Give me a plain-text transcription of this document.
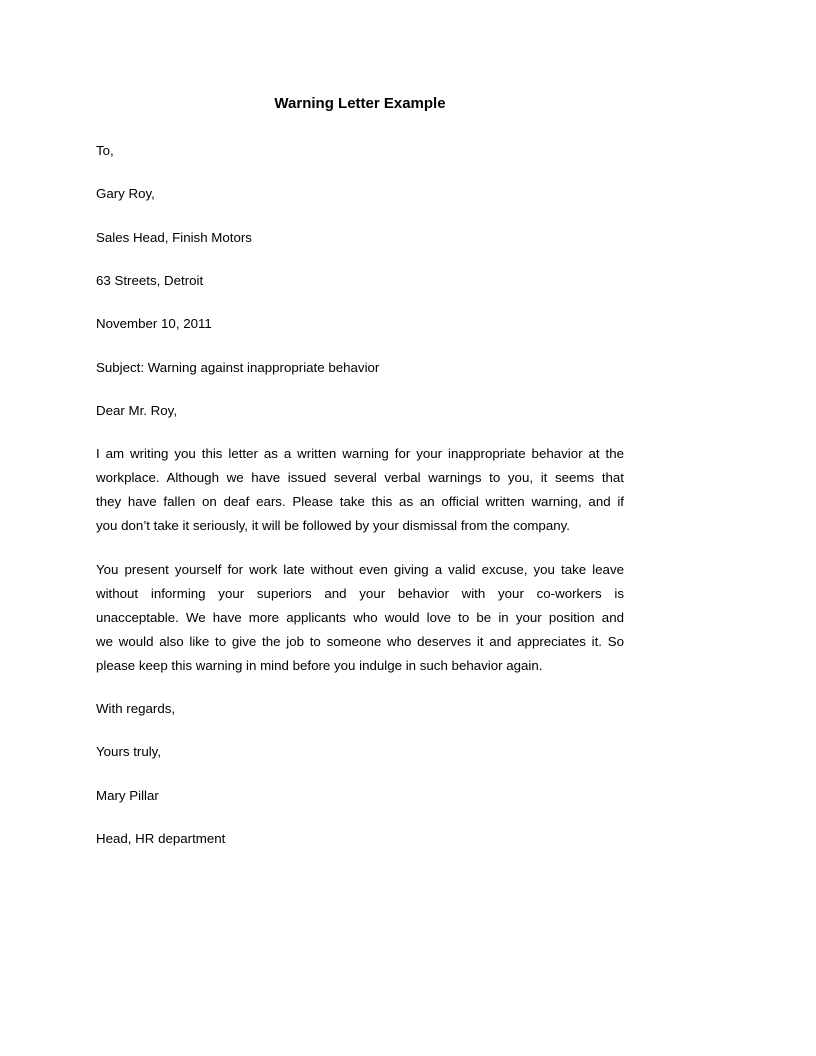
Warning Letter Example

To,

Gary Roy,

Sales Head, Finish Motors

63 Streets, Detroit

November 10, 2011

Subject: Warning against inappropriate behavior

Dear Mr. Roy,

I am writing you this letter as a written warning for your inappropriate behavior at the
workplace. Although we have issued several verbal warnings to you, it seems that
they have fallen on deaf ears. Please take this as an official written warning, and if
you don’t take it seriously, it will be followed by your dismissal from the company.
You present yourself for work late without even giving a valid excuse, you take leave
without informing your superiors and your behavior with your co-workers is
unacceptable. We have more applicants who would love to be in your position and
we would also like to give the job to someone who deserves it and appreciates it. So
please keep this warning in mind before you indulge in such behavior again.

With regards,

Yours truly,

Mary Pillar

Head, HR department
